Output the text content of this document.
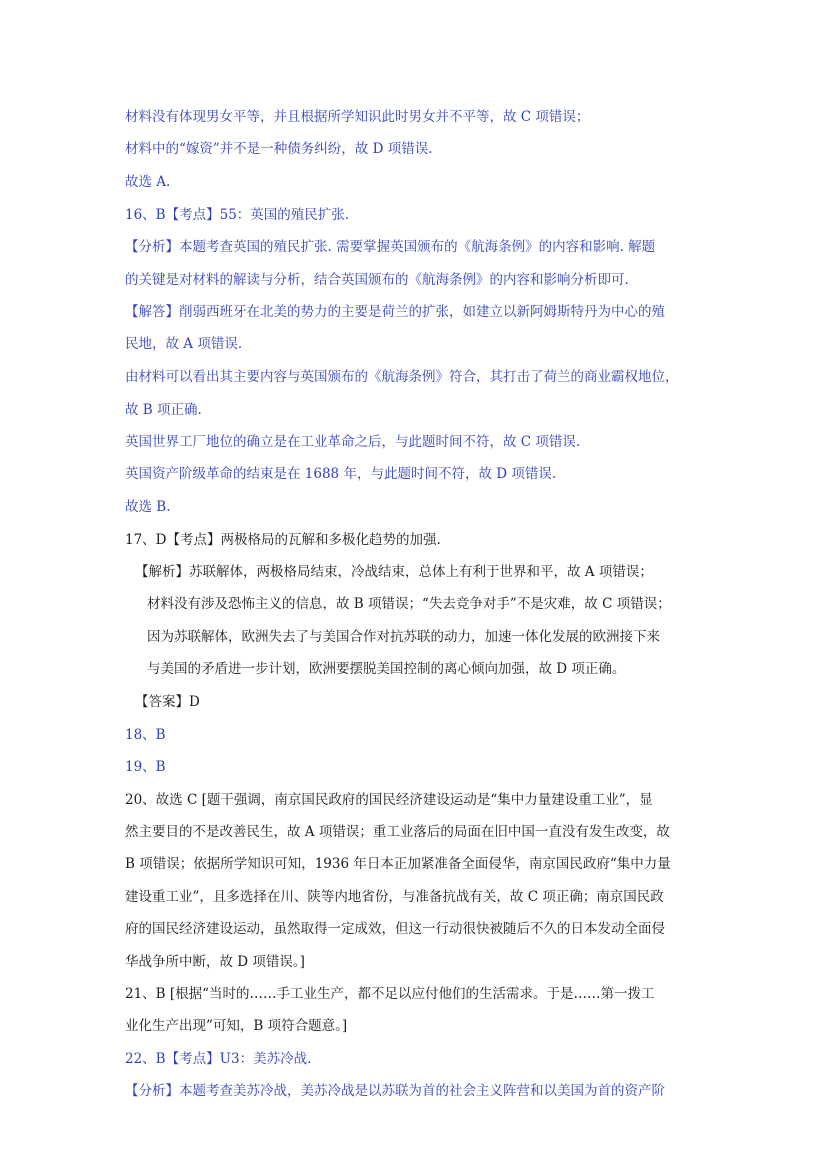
材料没有体现男女平等，并且根据所学知识此时男女并不平等，故 C 项错误；
材料中的“嫁资”并不是一种债务纠纷，故 D 项错误.
故选 A.
16、B【考点】55：英国的殖民扩张.
【分析】本题考查英国的殖民扩张. 需要掌握英国颁布的《航海条例》的内容和影响. 解题
的关键是对材料的解读与分析，结合英国颁布的《航海条例》的内容和影响分析即可.
【解答】削弱西班牙在北美的势力的主要是荷兰的扩张，如建立以新阿姆斯特丹为中心的殖
民地，故 A 项错误.
由材料可以看出其主要内容与英国颁布的《航海条例》符合，其打击了荷兰的商业霸权地位，
故 B 项正确.
英国世界工厂地位的确立是在工业革命之后，与此题时间不符，故 C 项错误.
英国资产阶级革命的结束是在 1688 年，与此题时间不符，故 D 项错误.
故选 B.
17、D【考点】两极格局的瓦解和多极化趋势的加强.
【解析】苏联解体，两极格局结束，冷战结束，总体上有利于世界和平，故 A 项错误；
材料没有涉及恐怖主义的信息，故 B 项错误；“失去竞争对手”不是灾难，故 C 项错误；
因为苏联解体，欧洲失去了与美国合作对抗苏联的动力，加速一体化发展的欧洲接下来
与美国的矛盾进一步计划，欧洲要摆脱美国控制的离心倾向加强，故 D 项正确。
【答案】D
18、B
19、B
20、故选 C [题干强调，南京国民政府的国民经济建设运动是“集中力量建设重工业”，显
然主要目的不是改善民生，故 A 项错误；重工业落后的局面在旧中国一直没有发生改变，故
B 项错误；依据所学知识可知，1936 年日本正加紧准备全面侵华，南京国民政府“集中力量
建设重工业”，且多选择在川、陕等内地省份，与准备抗战有关，故 C 项正确；南京国民政
府的国民经济建设运动，虽然取得一定成效，但这一行动很快被随后不久的日本发动全面侵
华战争所中断，故 D 项错误。]
21、B [根据“当时的……手工业生产，都不足以应付他们的生活需求。于是……第一拨工
业化生产出现”可知，B 项符合题意。]
22、B【考点】U3：美苏冷战.
【分析】本题考查美苏冷战，美苏冷战是以苏联为首的社会主义阵营和以美国为首的资产阶
